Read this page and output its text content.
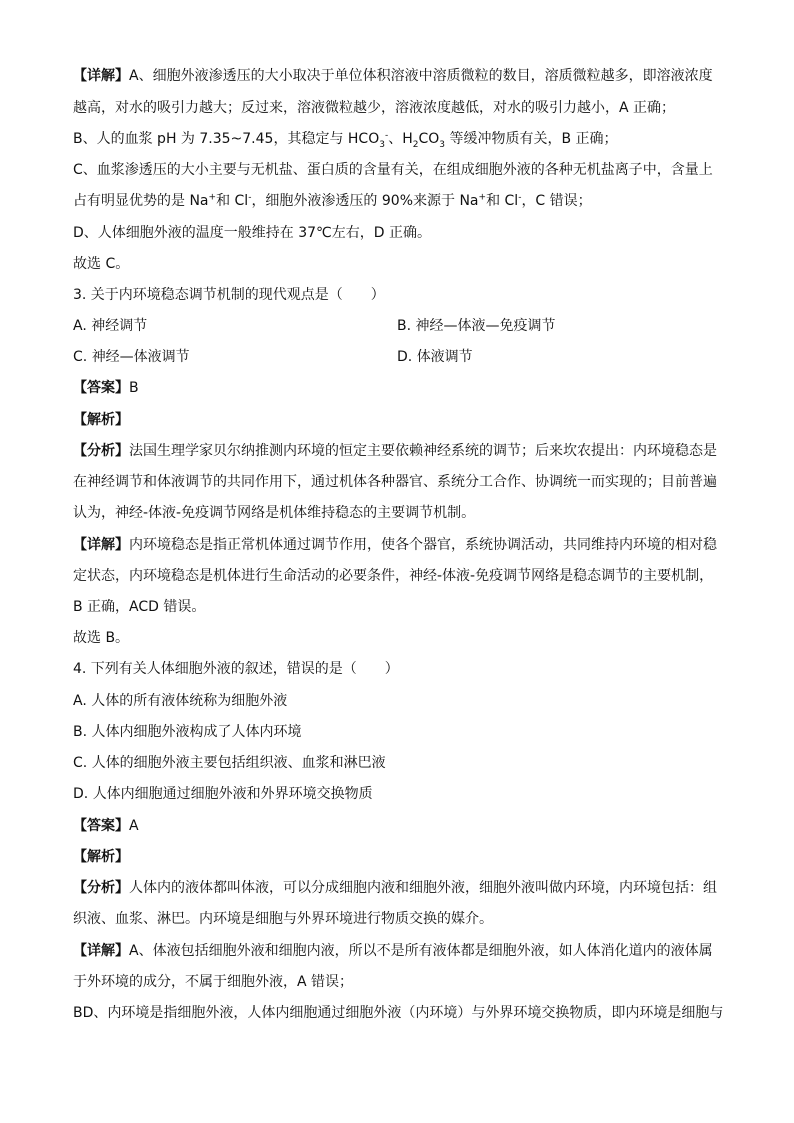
【详解】A、细胞外液渗透压的大小取决于单位体积溶液中溶质微粒的数目，溶质微粒越多，即溶液浓度
越高，对水的吸引力越大；反过来，溶液微粒越少，溶液浓度越低，对水的吸引力越小，A 正确；
B、人的血浆 pH 为 7.35~7.45，其稳定与 $HCO_3^-$、$H_2CO_3$ 等缓冲物质有关，B 正确；
C、血浆渗透压的大小主要与无机盐、蛋白质的含量有关，在组成细胞外液的各种无机盐离子中，含量上
占有明显优势的是 Na+和 Cl-，细胞外液渗透压的 90%来源于 Na+和 Cl-，C 错误；
D、人体细胞外液的温度一般维持在 37℃左右，D 正确。
故选 C。
3. 关于内环境稳态调节机制的现代观点是（　　）
A. 神经调节	B. 神经—体液—免疫调节
C. 神经—体液调节	D. 体液调节
【答案】B
【解析】
【分析】法国生理学家贝尔纳推测内环境的恒定主要依赖神经系统的调节；后来坎农提出：内环境稳态是
在神经调节和体液调节的共同作用下，通过机体各种器官、系统分工合作、协调统一而实现的；目前普遍
认为，神经-体液-免疫调节网络是机体维持稳态的主要调节机制。
【详解】内环境稳态是指正常机体通过调节作用，使各个器官，系统协调活动，共同维持内环境的相对稳
定状态，内环境稳态是机体进行生命活动的必要条件，神经-体液-免疫调节网络是稳态调节的主要机制，
B 正确，ACD 错误。
故选 B。
4. 下列有关人体细胞外液的叙述，错误的是（　　）
A. 人体的所有液体统称为细胞外液
B. 人体内细胞外液构成了人体内环境
C. 人体的细胞外液主要包括组织液、血浆和淋巴液
D. 人体内细胞通过细胞外液和外界环境交换物质
【答案】A
【解析】
【分析】人体内的液体都叫体液，可以分成细胞内液和细胞外液，细胞外液叫做内环境，内环境包括：组
织液、血浆、淋巴。内环境是细胞与外界环境进行物质交换的媒介。
【详解】A、体液包括细胞外液和细胞内液，所以不是所有液体都是细胞外液，如人体消化道内的液体属
于外环境的成分，不属于细胞外液，A 错误；
BD、内环境是指细胞外液，人体内细胞通过细胞外液（内环境）与外界环境交换物质，即内环境是细胞与
